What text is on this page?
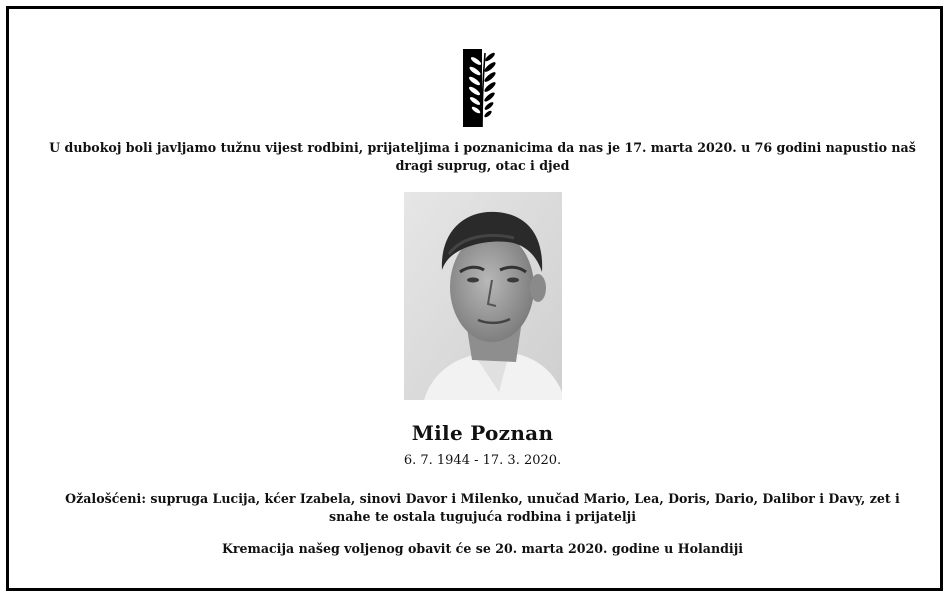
U dubokoj boli javljamo tužnu vijest rodbini, prijateljima i poznanicima da nas je 17. marta 2020. u 76 godini napustio naš dragi suprug, otac i djed
Mile Poznan
6. 7. 1944 - 17. 3. 2020.
Ožalošćeni: supruga Lucija, kćer Izabela, sinovi Davor i Milenko, unučad Mario, Lea, Doris, Dario, Dalibor i Davy, zet i snahe te ostala tugujuća rodbina i prijatelji
Kremacija našeg voljenog obavit će se 20. marta 2020. godine u Holandiji
